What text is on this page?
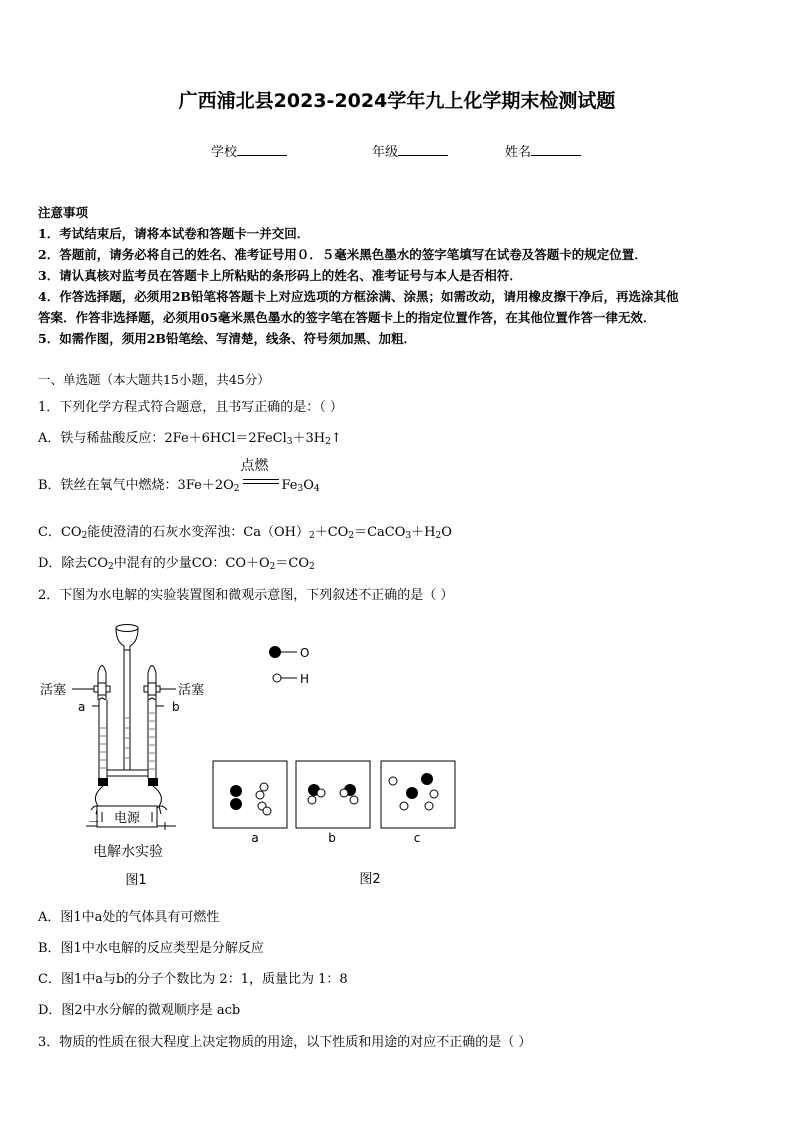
广西浦北县2023-2024学年九上化学期末检测试题
学校	年级	姓名
注意事项
1．考试结束后，请将本试卷和答题卡一并交回．
2．答题前，请务必将自己的姓名、准考证号用０．５毫米黑色墨水的签字笔填写在试卷及答题卡的规定位置．
3．请认真核对监考员在答题卡上所粘贴的条形码上的姓名、准考证号与本人是否相符．
4．作答选择题，必须用2B铅笔将答题卡上对应选项的方框涂满、涂黑；如需改动，请用橡皮擦干净后，再选涂其他
答案．作答非选择题，必须用05毫米黑色墨水的签字笔在答题卡上的指定位置作答，在其他位置作答一律无效．
5．如需作图，须用2B铅笔绘、写清楚，线条、符号须加黑、加粗．
一、单选题（本大题共15小题，共45分）
1．下列化学方程式符合题意，且书写正确的是：（ ）
A．铁与稀盐酸反应：$2Fe+6HCl=2FeCl_3+3H_2↑$
B．铁丝在氧气中燃烧：$3Fe+2O_2$
点燃
$Fe_3O_4$
C．$CO_2$能使澄清的石灰水变浑浊：$Ca(OH)_2+CO_2=CaCO_3+H_2O$
D．除去$CO_2$中混有的少量CO：$CO+O_2=CO_2$
2．下图为水电解的实验装置图和微观示意图，下列叙述不正确的是（ ）
电源
－	+
活塞	活塞
a	b
电解水实验
图1
O
H
a	b	c
图2
A．图1中a处的气体具有可燃性
B．图1中水电解的反应类型是分解反应
C．图1中a与b的分子个数比为 2：1，质量比为 1：8
D．图2中水分解的微观顺序是 acb
3．物质的性质在很大程度上决定物质的用途，以下性质和用途的对应不正确的是（ ）
